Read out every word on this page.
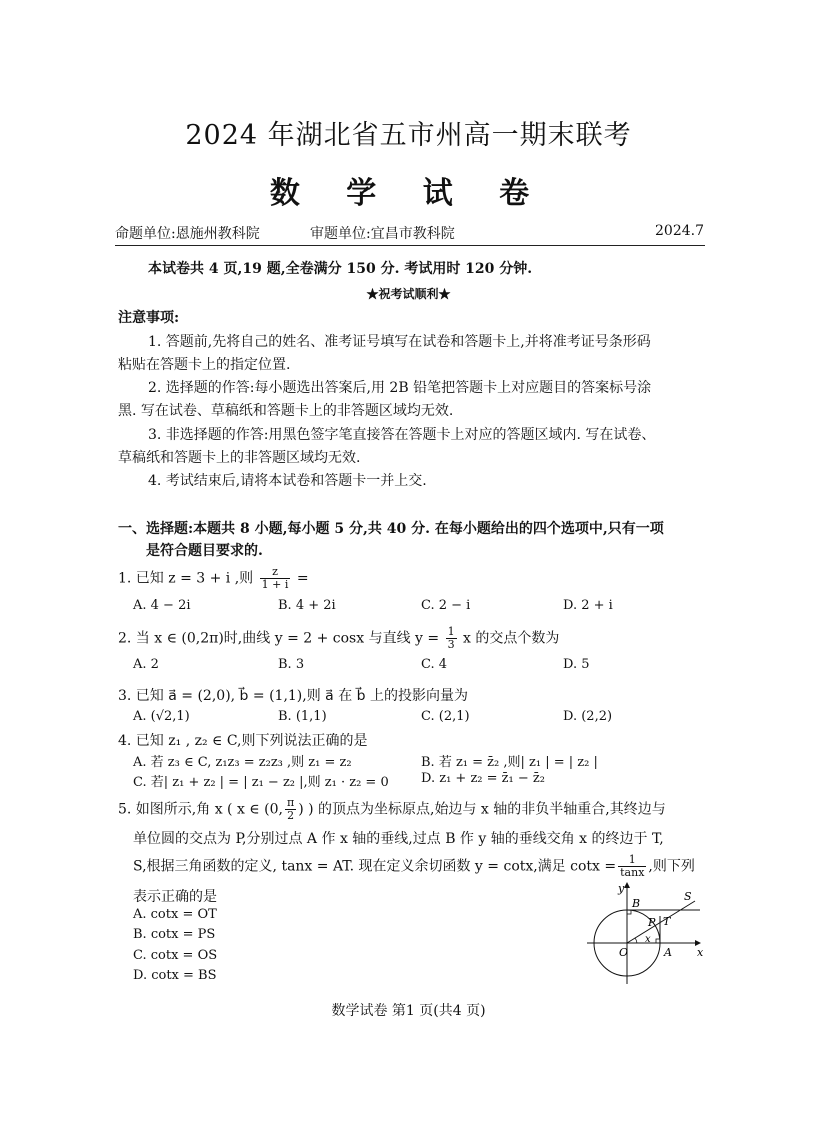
2024 年湖北省五市州高一期末联考
数 学 试 卷
命题单位:恩施州教科院	审题单位:宜昌市教科院	2024.7
本试卷共 4 页,19 题,全卷满分 150 分. 考试用时 120 分钟.
★祝考试顺利★
注意事项:
1. 答题前,先将自己的姓名、准考证号填写在试卷和答题卡上,并将准考证号条形码
粘贴在答题卡上的指定位置.
2. 选择题的作答:每小题选出答案后,用 2B 铅笔把答题卡上对应题目的答案标号涂
黑. 写在试卷、草稿纸和答题卡上的非答题区域均无效.
3. 非选择题的作答:用黑色签字笔直接答在答题卡上对应的答题区域内. 写在试卷、
草稿纸和答题卡上的非答题区域均无效.
4. 考试结束后,请将本试卷和答题卡一并上交.
一、选择题:本题共 8 小题,每小题 5 分,共 40 分. 在每小题给出的四个选项中,只有一项
是符合题目要求的.
1. 已知 z = 3 + i ,则 $\frac{z}{1 + i}$ =
A. 4 − 2i	B. 4 + 2i	C. 2 − i	D. 2 + i
2. 当 x ∈ (0,2π)时,曲线 y = 2 + cosx 与直线 $y = \frac{1}{3}$ x 的交点个数为
A. 2	B. 3	C. 4	D. 5
3. 已知 a⃗ = (2,0), b⃗ = (1,1),则 a⃗ 在 b⃗ 上的投影向量为
A. (√2,1)	B. (1,1)	C. (2,1)	D. (2,2)
4. 已知 z₁ , z₂ ∈ C,则下列说法正确的是
A. 若 z₃ ∈ C, z₁z₃ = z₂z₃ ,则 z₁ = z₂	B. 若 z₁ = z̄₂ ,则| z₁ | = | z₂ |
C. 若| z₁ + z₂ | = | z₁ − z₂ |,则 z₁ · z₂ = 0 D. z₁ + z₂ = z̄₁ − z̄₂
5. 如图所示,角 x ( x ∈ (0, $\frac{\pi}{2}$ ) ) 的顶点为坐标原点,始边与 x 轴的非负半轴重合,其终边与
单位圆的交点为 P,分别过点 A 作 x 轴的垂线,过点 B 作 y 轴的垂线交角 x 的终边于 T,
S,根据三角函数的定义, tanx = AT. 现在定义余切函数 y = cotx,满足 $\cot x = \frac{1}{\tan x}$ ,则下列
表示正确的是
A. cotx = OT
B. cotx = PS
C. cotx = OS
D. cotx = BS
y
x
B
S
P T
x
O	A
数学试卷 第1 页(共4 页)
